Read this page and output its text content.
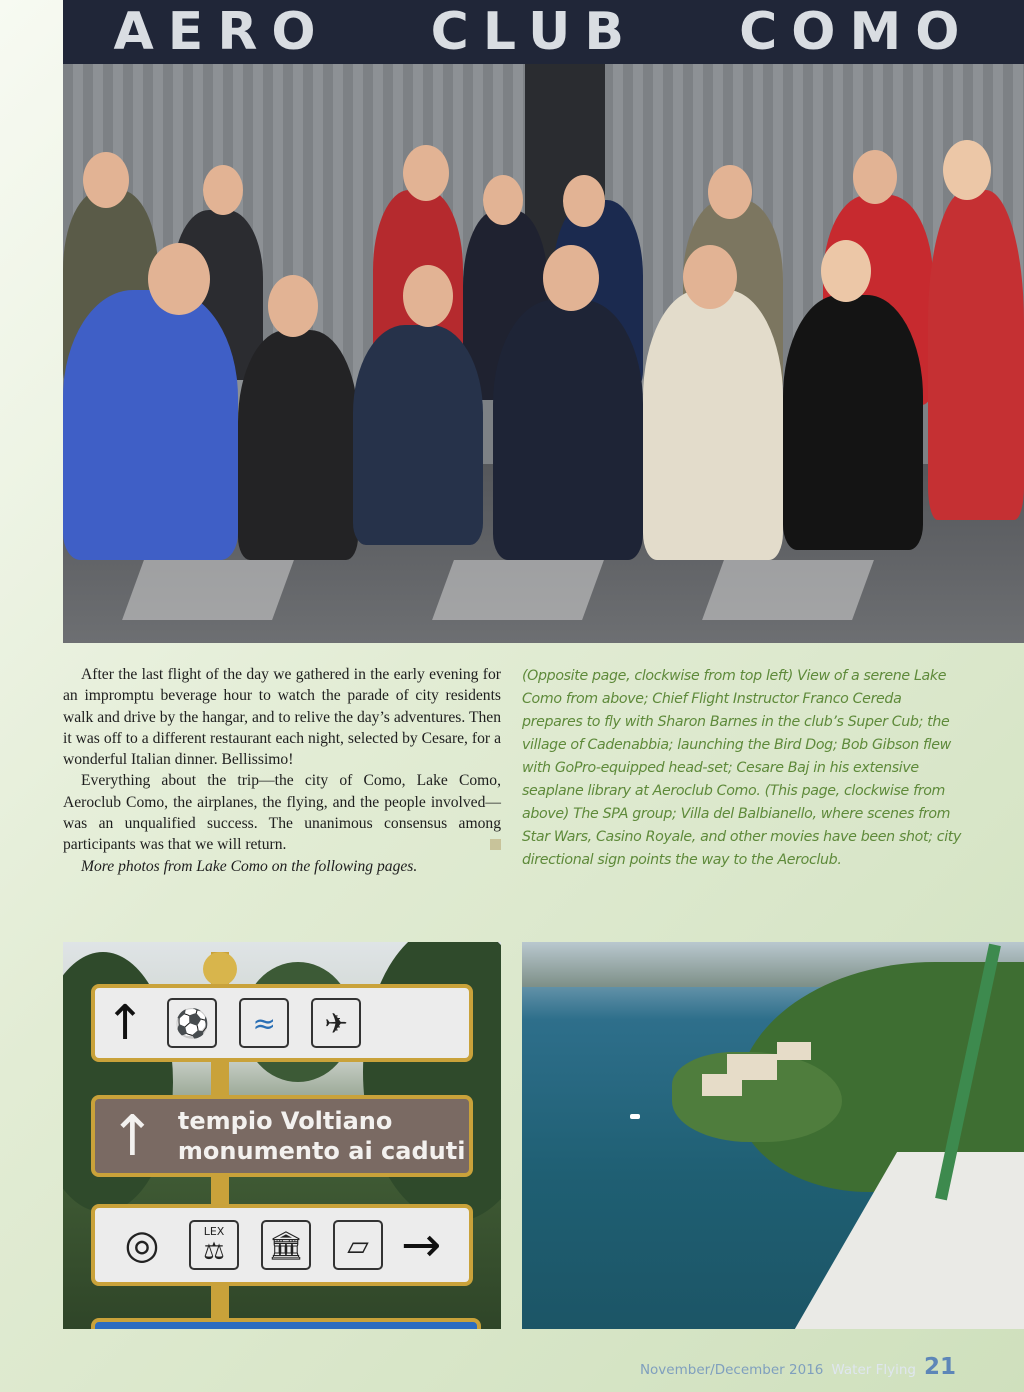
AERO CLUB COMO

After the last flight of the day we gathered in the early evening for an impromptu beverage hour to watch the parade of city residents walk and drive by the hangar, and to relive the day’s adventures. Then it was off to a different restaurant each night, selected by Cesare, for a wonderful Italian dinner. Bellissimo!

Everything about the trip—the city of Como, Lake Como, Aeroclub Como, the airplanes, the flying, and the people involved—was an unqualified success. The unanimous consensus among participants was that we will return.

More photos from Lake Como on the following pages.

(Opposite page, clockwise from top left) View of a serene Lake Como from above; Chief Flight Instructor Franco Cereda prepares to fly with Sharon Barnes in the club’s Super Cub; the village of Cadenabbia; launching the Bird Dog; Bob Gibson flew with GoPro-equipped head-set; Cesare Baj in his extensive seaplane library at Aeroclub Como. (This page, clockwise from above) The SPA group; Villa del Balbianello, where scenes from Star Wars, Casino Royale, and other movies have been shot; city directional sign points the way to the Aeroclub.
↑ ⚽	≈	✈
↑ tempio Voltiano
monumento ai caduti
◎	LEX
⚖ 🏛	▱ →
November/December 2016 Water Flying 21
